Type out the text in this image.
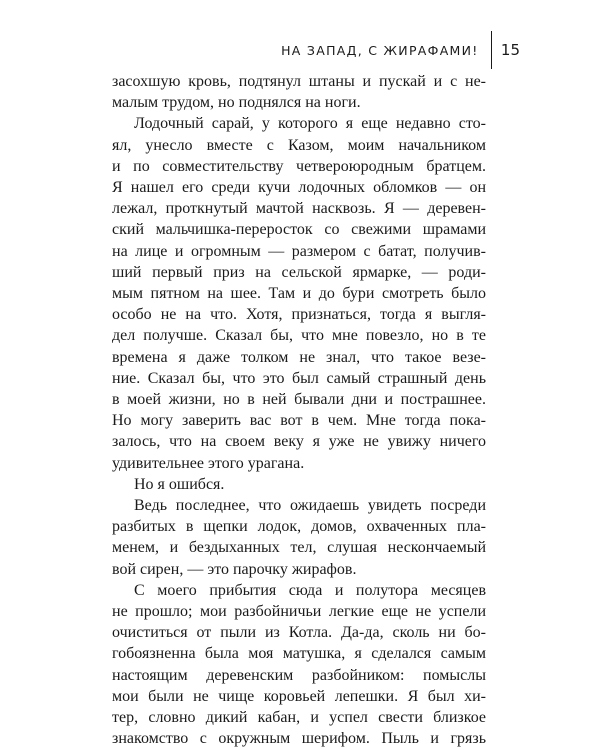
НА ЗАПАД, С ЖИРАФАМИ! 15

засохшую кровь, подтянул штаны и пускай и с не-
малым трудом, но поднялся на ноги.

Лодочный сарай, у которого я еще недавно сто-
ял, унесло вместе с Казом, моим начальником
и по совместительству четвероюродным братцем.
Я нашел его среди кучи лодочных обломков — он
лежал, проткнутый мачтой насквозь. Я — деревен-
ский мальчишка-переросток со свежими шрамами
на лице и огромным — размером с батат, получив-
ший первый приз на сельской ярмарке, — роди-
мым пятном на шее. Там и до бури смотреть было
особо не на что. Хотя, признаться, тогда я выгля-
дел получше. Сказал бы, что мне повезло, но в те
времена я даже толком не знал, что такое везе-
ние. Сказал бы, что это был самый страшный день
в моей жизни, но в ней бывали дни и пострашнее.
Но могу заверить вас вот в чем. Мне тогда пока-
залось, что на своем веку я уже не увижу ничего
удивительнее этого урагана.

Но я ошибся.

Ведь последнее, что ожидаешь увидеть посреди
разбитых в щепки лодок, домов, охваченных пла-
менем, и бездыханных тел, слушая нескончаемый
вой сирен, — это парочку жирафов.

С моего прибытия сюда и полутора месяцев
не прошло; мои разбойничьи легкие еще не успели
очиститься от пыли из Котла. Да-да, сколь ни бо-
гобоязненна была моя матушка, я сделался самым
настоящим деревенским разбойником: помыслы
мои были не чище коровьей лепешки. Я был хи-
тер, словно дикий кабан, и успел свести близкое
знакомство с окружным шерифом. Пыль и грязь
